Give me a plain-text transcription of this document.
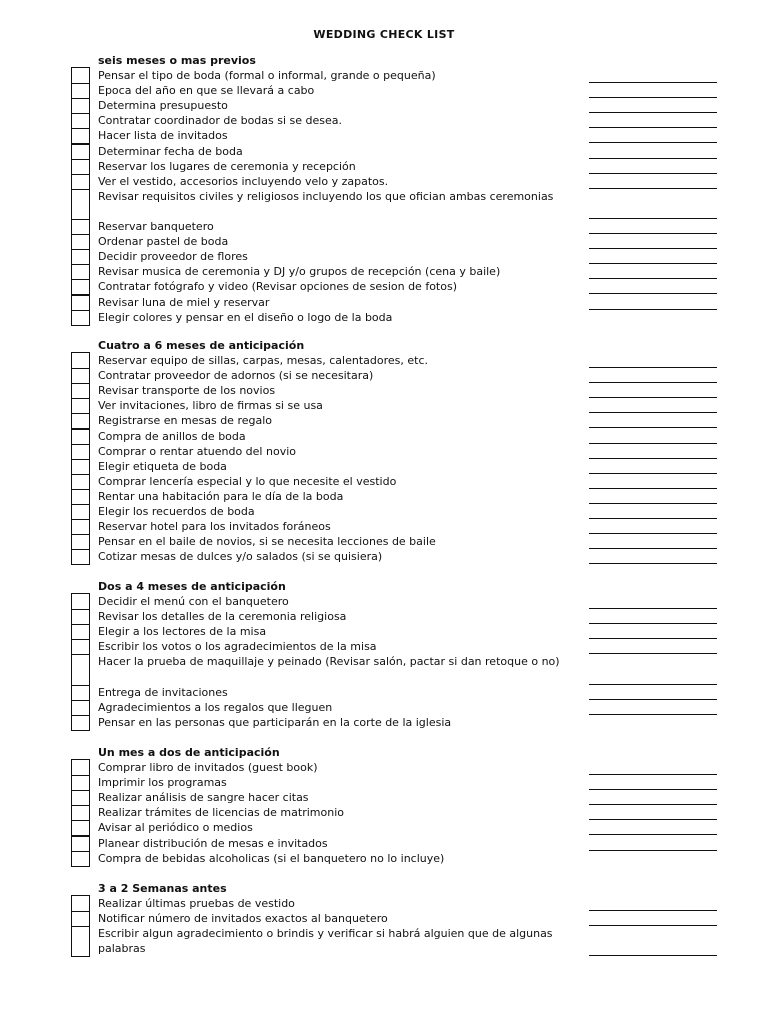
WEDDING CHECK LIST
seis meses o mas previos
Pensar el tipo de boda (formal o informal, grande o pequeña)
Epoca del año en que se llevará a cabo
Determina presupuesto
Contratar coordinador de bodas si se desea.
Hacer lista de invitados
Determinar fecha de boda
Reservar los lugares de ceremonia y recepción
Ver el vestido, accesorios incluyendo velo y zapatos.
Revisar requisitos civiles y religiosos incluyendo los que ofician ambas ceremonias
Reservar banquetero
Ordenar pastel de boda
Decidir proveedor de flores
Revisar musica de ceremonia y DJ y/o grupos de recepción (cena y baile)
Contratar fotógrafo y video (Revisar opciones de sesion de fotos)
Revisar luna de miel y reservar
Elegir colores y pensar en el diseño o logo de la boda
Cuatro a 6 meses de anticipación
Reservar equipo de sillas, carpas, mesas, calentadores, etc.
Contratar proveedor de adornos (si se necesitara)
Revisar transporte de los novios
Ver invitaciones, libro de firmas si se usa
Registrarse en mesas de regalo
Compra de anillos de boda
Comprar o rentar atuendo del novio
Elegir etiqueta de boda
Comprar lencería especial y lo que necesite el vestido
Rentar una habitación para le día de la boda
Elegir los recuerdos de boda
Reservar hotel para los invitados foráneos
Pensar en el baile de novios, si se necesita lecciones de baile
Cotizar mesas de dulces y/o salados (si se quisiera)
Dos a 4 meses de anticipación
Decidir el menú con el banquetero
Revisar los detalles de la ceremonia religiosa
Elegir a los lectores de la misa
Escribir los votos o los agradecimientos de la misa
Hacer la prueba de maquillaje y peinado (Revisar salón, pactar si dan retoque o no)
Entrega de invitaciones
Agradecimientos a los regalos que lleguen
Pensar en las personas que participarán en la corte de la iglesia
Un mes a dos de anticipación
Comprar libro de invitados (guest book)
Imprimir los programas
Realizar análisis de sangre hacer citas
Realizar trámites de licencias de matrimonio
Avisar al periódico o medios
Planear distribución de mesas e invitados
Compra de bebidas alcoholicas (si el banquetero no lo incluye)
3 a 2 Semanas antes
Realizar últimas pruebas de vestido
Notificar número de invitados exactos al banquetero
Escribir algun agradecimiento o brindis y verificar si habrá alguien que de algunas palabras
